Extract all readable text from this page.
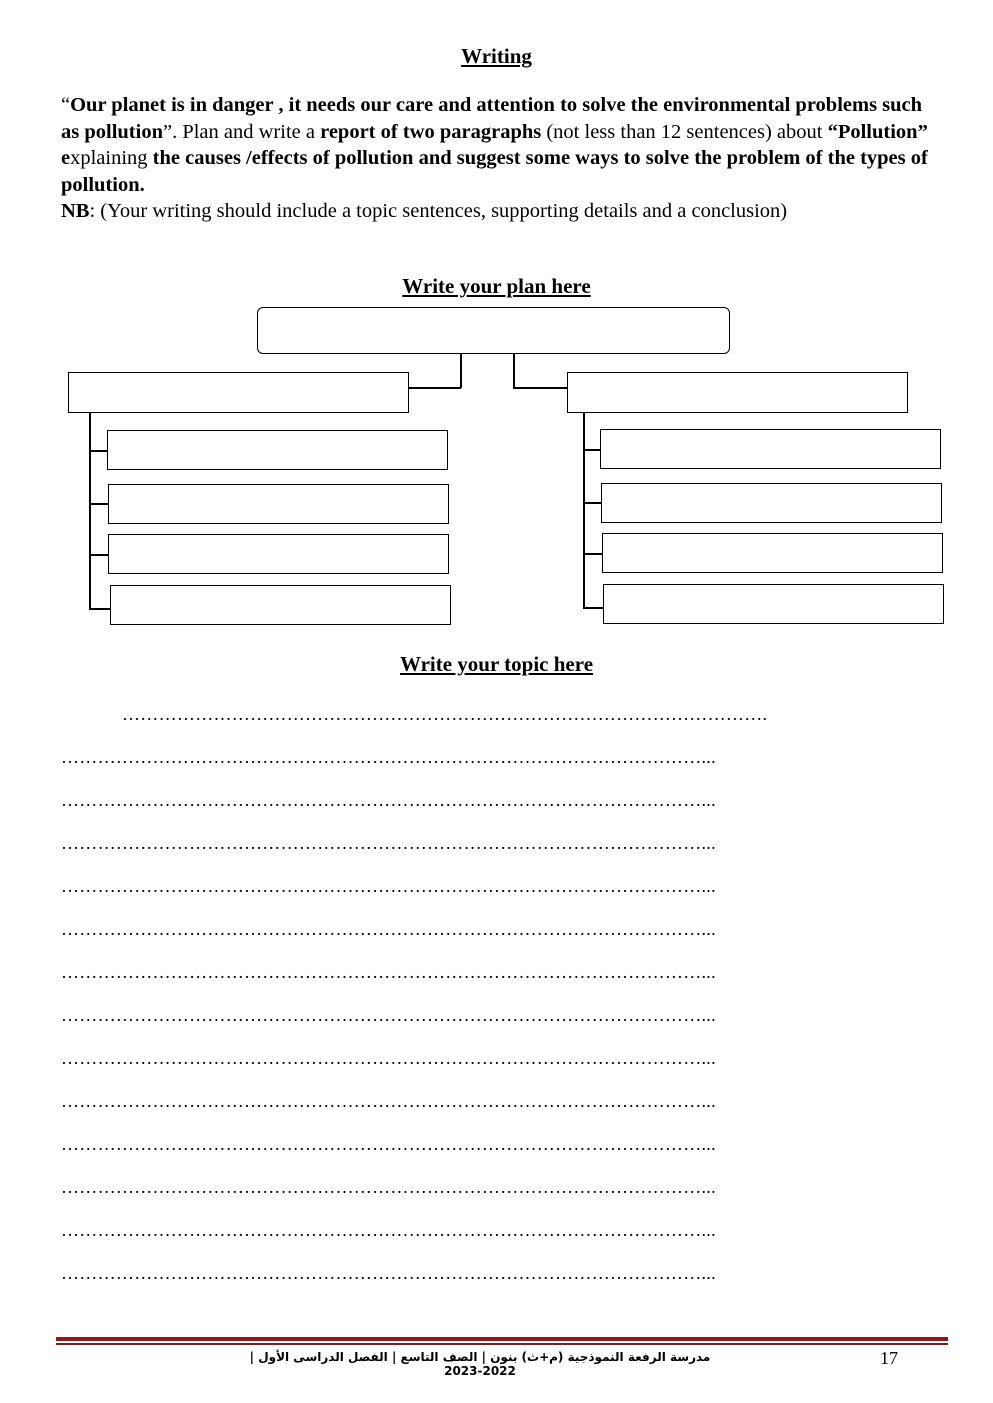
Writing
“Our planet is in danger , it needs our care and attention to solve the environmental problems such as pollution”. Plan and write a report of two paragraphs (not less than 12 sentences) about “Pollution” explaining the causes /effects of pollution and suggest some ways to solve the problem of the types of pollution.
NB: (Your writing should include a topic sentences, supporting details and a conclusion)
Write your plan here
Write your topic here
…………………………………………………………………………………………….
……………………………………………………………………………………………...
……………………………………………………………………………………………...
……………………………………………………………………………………………...
……………………………………………………………………………………………...
……………………………………………………………………………………………...
……………………………………………………………………………………………...
……………………………………………………………………………………………...
……………………………………………………………………………………………...
……………………………………………………………………………………………...
……………………………………………………………………………………………...
……………………………………………………………………………………………...
……………………………………………………………………………………………...
……………………………………………………………………………………………...
مدرسة الرفعة النموذجية (م+ث) بنون | الصف التاسع | الفصل الدراسى الأول | 2022-2023
17
